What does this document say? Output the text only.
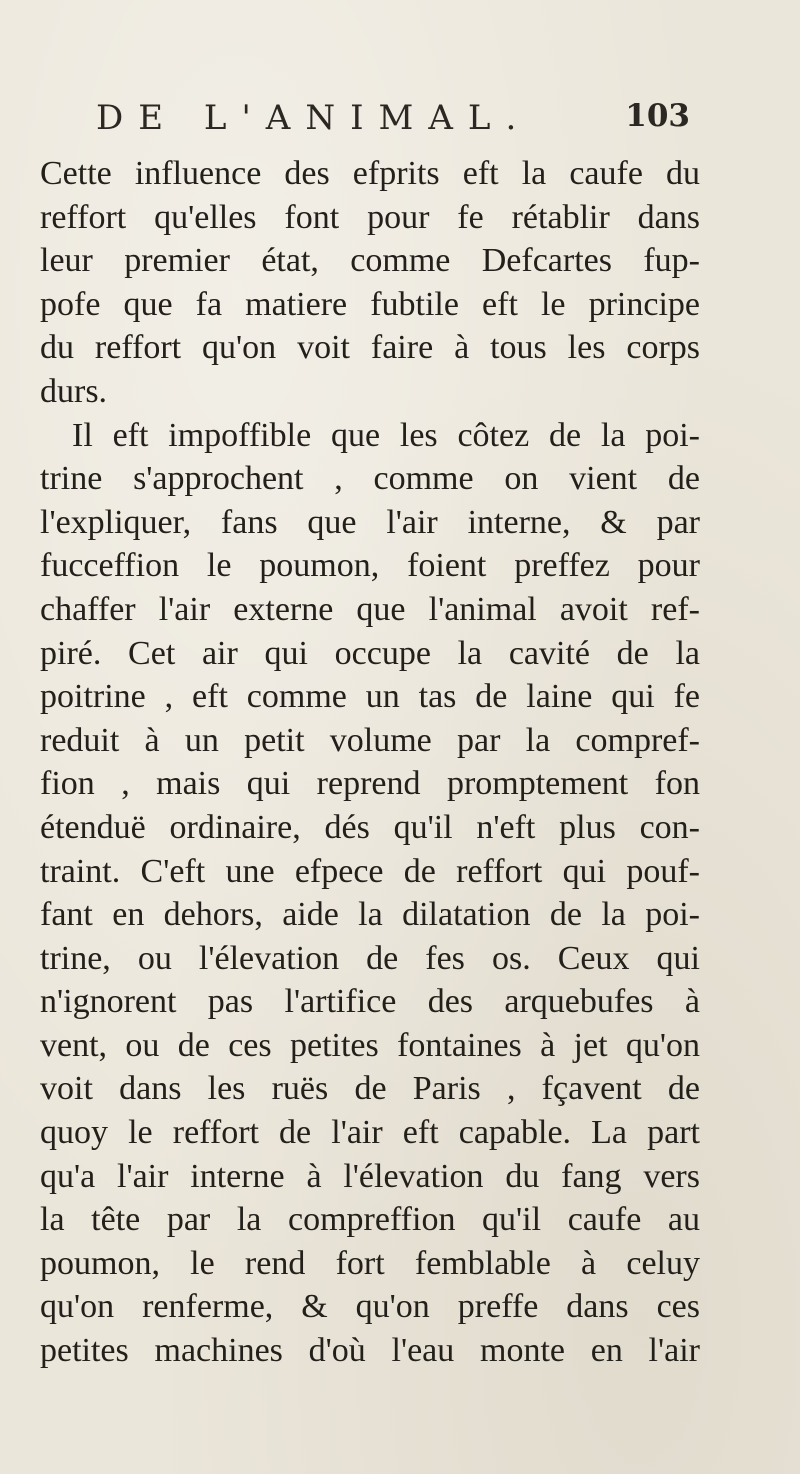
DE L'ANIMAL.	103
Cette influence des efprits eft la caufe du
reffort qu'elles font pour fe rétablir dans
leur premier état, comme Defcartes fup-
pofe que fa matiere fubtile eft le principe
du reffort qu'on voit faire à tous les corps
durs.
Il eft impoffible que les côtez de la poi-
trine s'approchent , comme on vient de
l'expliquer, fans que l'air interne, & par
fucceffion le poumon, foient preffez pour
chaffer l'air externe que l'animal avoit ref-
piré. Cet air qui occupe la cavité de la
poitrine , eft comme un tas de laine qui fe
reduit à un petit volume par la compref-
fion , mais qui reprend promptement fon
étenduë ordinaire, dés qu'il n'eft plus con-
traint. C'eft une efpece de reffort qui pouf-
fant en dehors, aide la dilatation de la poi-
trine, ou l'élevation de fes os. Ceux qui
n'ignorent pas l'artifice des arquebufes à
vent, ou de ces petites fontaines à jet qu'on
voit dans les ruës de Paris , fçavent de
quoy le reffort de l'air eft capable. La part
qu'a l'air interne à l'élevation du fang vers
la tête par la compreffion qu'il caufe au
poumon, le rend fort femblable à celuy
qu'on renferme, & qu'on preffe dans ces
petites machines d'où l'eau monte en l'air
